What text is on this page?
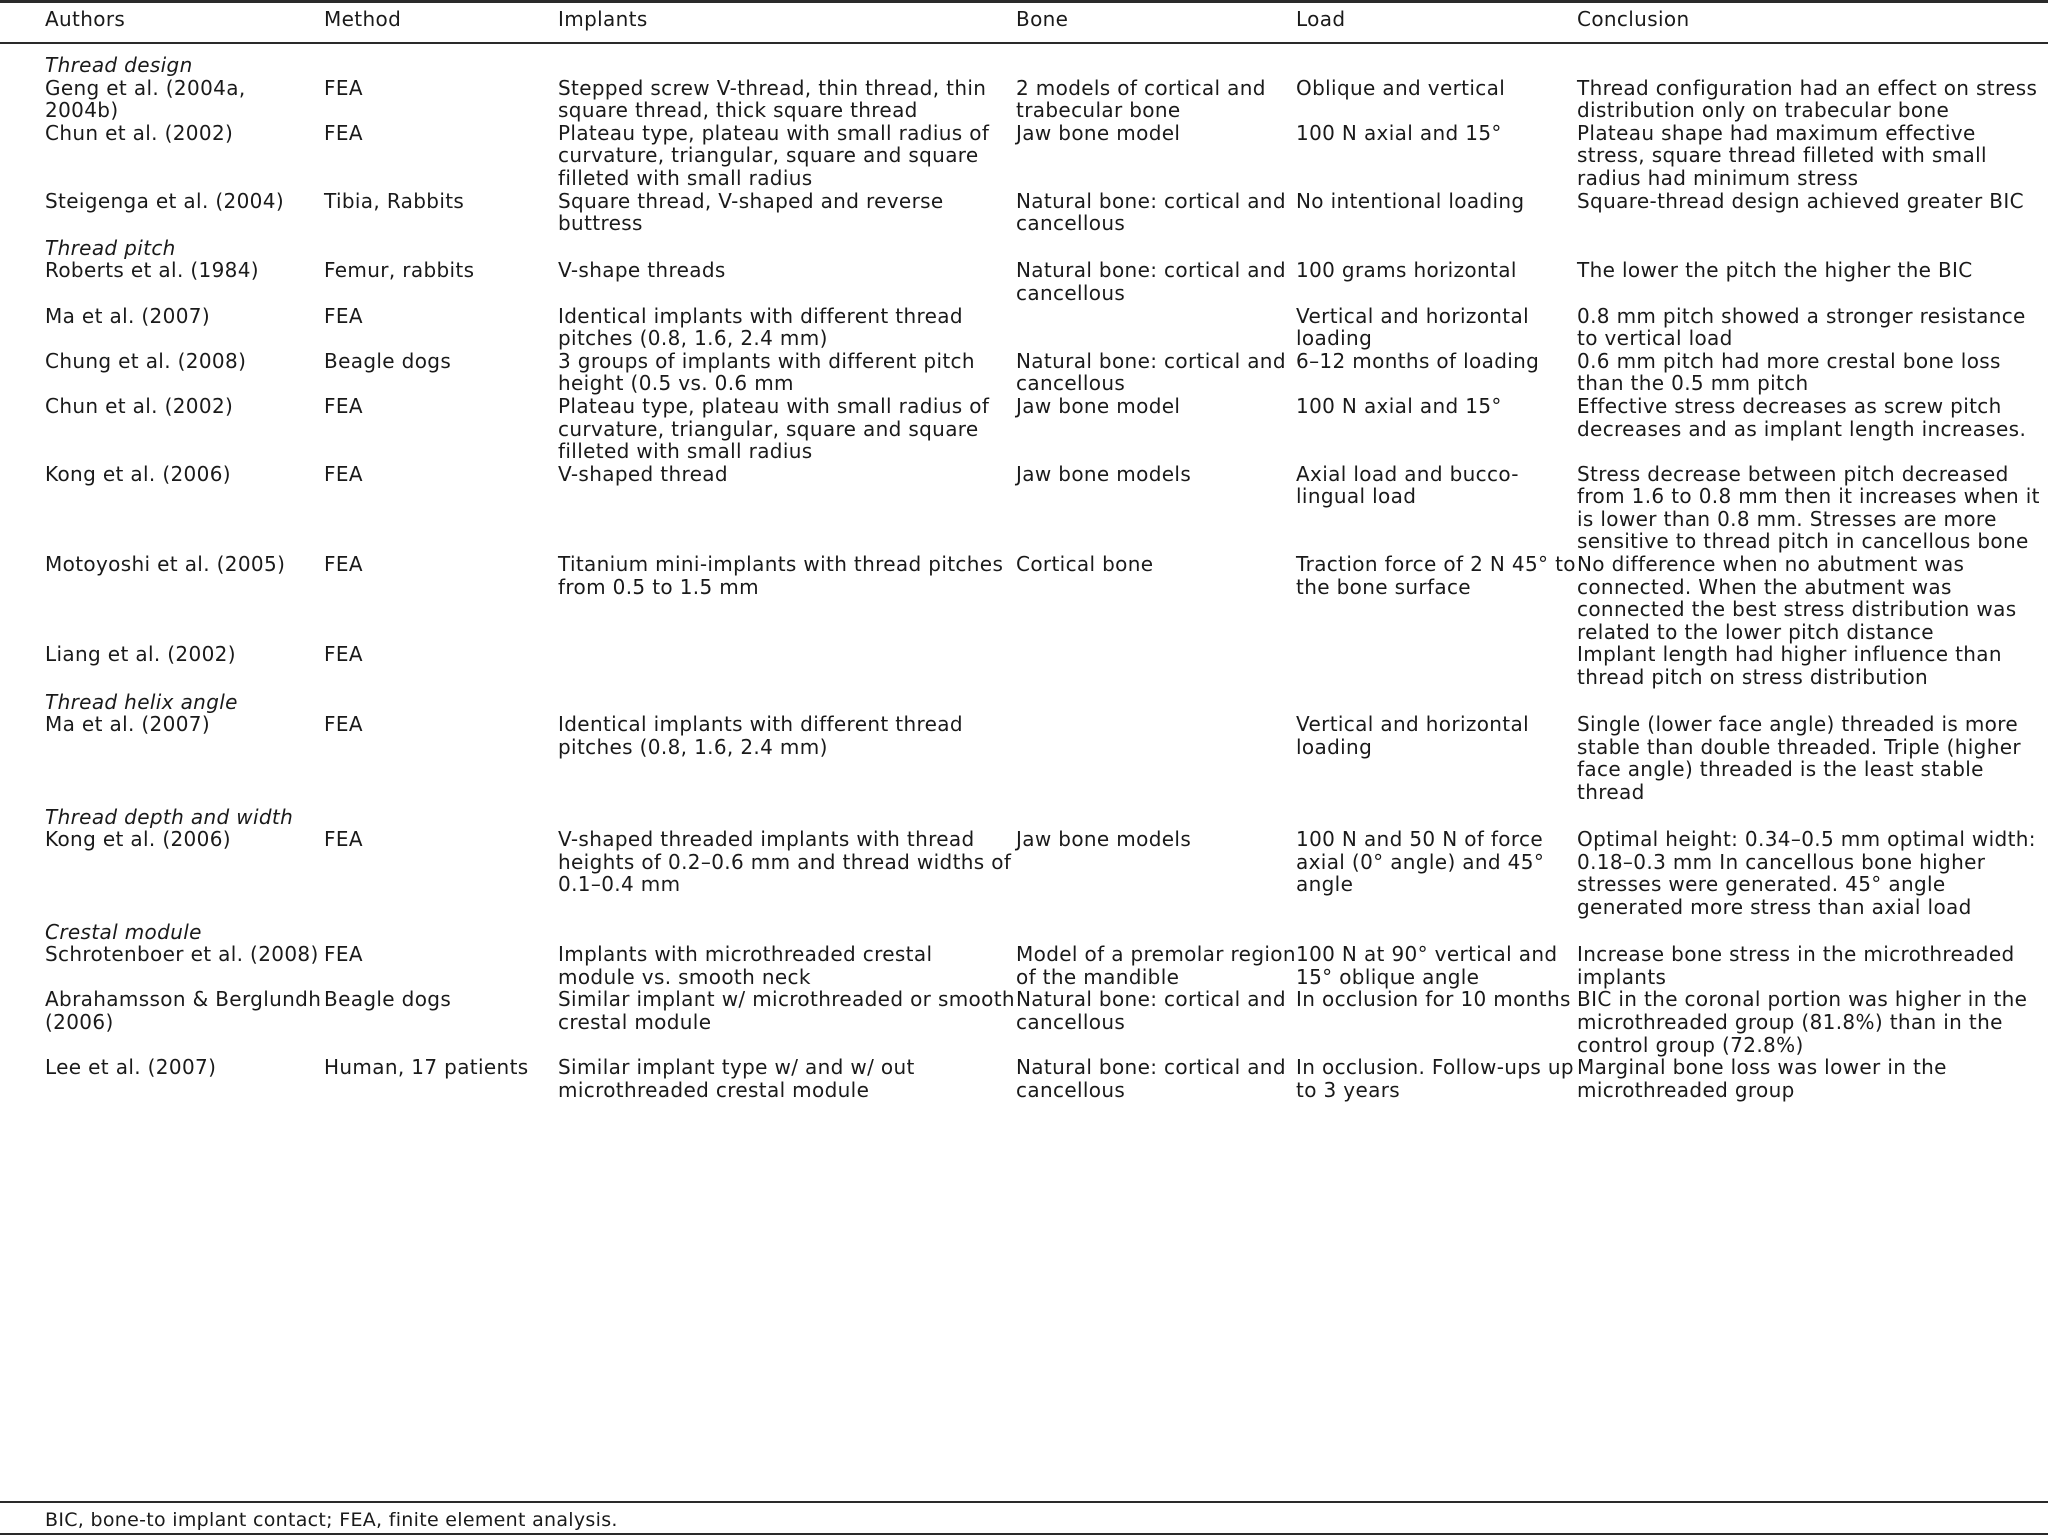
Authors	Method	Implants	Bone	Load	Conclusion
Thread design					
Geng et al. (2004a, 2004b)	FEA	Stepped screw V-thread, thin thread, thin square thread, thick square thread	2 models of cortical and trabecular bone	Oblique and vertical	Thread configuration had an effect on stress distribution only on trabecular bone
Chun et al. (2002)	FEA	Plateau type, plateau with small radius of curvature, triangular, square and square filleted with small radius	Jaw bone model	100 N axial and 15°	Plateau shape had maximum effective stress, square thread filleted with small radius had minimum stress
Steigenga et al. (2004)	Tibia, Rabbits	Square thread, V-shaped and reverse buttress	Natural bone: cortical and cancellous	No intentional loading	Square-thread design achieved greater BIC
Thread pitch					
Roberts et al. (1984)	Femur, rabbits	V-shape threads	Natural bone: cortical and cancellous	100 grams horizontal	The lower the pitch the higher the BIC
Ma et al. (2007)	FEA	Identical implants with different thread pitches (0.8, 1.6, 2.4 mm)		Vertical and horizontal loading	0.8 mm pitch showed a stronger resistance to vertical load
Chung et al. (2008)	Beagle dogs	3 groups of implants with different pitch height (0.5 vs. 0.6 mm	Natural bone: cortical and cancellous	6–12 months of loading	0.6 mm pitch had more crestal bone loss than the 0.5 mm pitch
Chun et al. (2002)	FEA	Plateau type, plateau with small radius of curvature, triangular, square and square filleted with small radius	Jaw bone model	100 N axial and 15°	Effective stress decreases as screw pitch decreases and as implant length increases.
Kong et al. (2006)	FEA	V-shaped thread	Jaw bone models	Axial load and bucco-lingual load	Stress decrease between pitch decreased from 1.6 to 0.8 mm then it increases when it is lower than 0.8 mm. Stresses are more sensitive to thread pitch in cancellous bone
Motoyoshi et al. (2005)	FEA	Titanium mini-implants with thread pitches from 0.5 to 1.5 mm	Cortical bone	Traction force of 2 N 45° to the bone surface	No difference when no abutment was connected. When the abutment was connected the best stress distribution was related to the lower pitch distance
Liang et al. (2002)	FEA				Implant length had higher influence than thread pitch on stress distribution
Thread helix angle					
Ma et al. (2007)	FEA	Identical implants with different thread pitches (0.8, 1.6, 2.4 mm)		Vertical and horizontal loading	Single (lower face angle) threaded is more stable than double threaded. Triple (higher face angle) threaded is the least stable thread
Thread depth and width					
Kong et al. (2006)	FEA	V-shaped threaded implants with thread heights of 0.2–0.6 mm and thread widths of 0.1–0.4 mm	Jaw bone models	100 N and 50 N of force axial (0° angle) and 45° angle	Optimal height: 0.34–0.5 mm optimal width: 0.18–0.3 mm In cancellous bone higher stresses were generated. 45° angle generated more stress than axial load
Crestal module					
Schrotenboer et al. (2008)	FEA	Implants with microthreaded crestal module vs. smooth neck	Model of a premolar region of the mandible	100 N at 90° vertical and 15° oblique angle	Increase bone stress in the microthreaded implants
Abrahamsson & Berglundh (2006)	Beagle dogs	Similar implant w/ microthreaded or smooth crestal module	Natural bone: cortical and cancellous	In occlusion for 10 months	BIC in the coronal portion was higher in the microthreaded group (81.8%) than in the control group (72.8%)
Lee et al. (2007)	Human, 17 patients	Similar implant type w/ and w/ out microthreaded crestal module	Natural bone: cortical and cancellous	In occlusion. Follow-ups up to 3 years	Marginal bone loss was lower in the microthreaded group
BIC, bone-to implant contact; FEA, finite element analysis.
